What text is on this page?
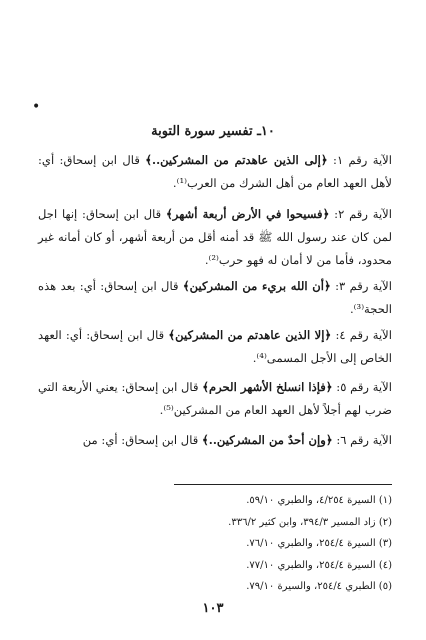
•
١٠ـ تفسير سورة التوبة

الآية رقم ١: ﴿إلى الذين عاهدتم من المشركين..﴾ قال ابن إسحاق: أي: لأهل العهد العام من أهل الشرك من العرب⁽¹⁾.

الآية رقم ٢: ﴿فسيحوا في الأرض أربعة أشهر﴾ قال ابن إسحاق: إنها اجل لمن كان عند رسول الله ﷺ قد أمنه أقل من أربعة أشهر، أو كان أمانه غير محدود، فأما من لا أمان له فهو حرب⁽²⁾.

الآية رقم ٣: ﴿أن الله بريء من المشركين﴾ قال ابن إسحاق: أي: بعد هذه الحجة⁽³⁾.

الآية رقم ٤: ﴿إلا الذين عاهدتم من المشركين﴾ قال ابن إسحاق: أي: العهد الخاص إلى الأجل المسمى⁽⁴⁾.

الآية رقم ٥: ﴿فإذا انسلخ الأشهر الحرم﴾ قال ابن إسحاق: يعني الأربعة التي ضرب لهم أجلاً لأهل العهد العام من المشركين⁽⁵⁾.

الآية رقم ٦: ﴿وإن أحدٌ من المشركين..﴾ قال ابن إسحاق: أي: من

(١) السيرة ٤/٢٥٤، والطبري ٥٩/١٠.
(٢) زاد المسير ٣٩٤/٣، وابن كثير ٣٣٦/٢.
(٣) السيرة ٢٥٤/٤، والطبري ٧٦/١٠.
(٤) السيرة ٢٥٤/٤، والطبري ٧٧/١٠.
(٥) الطبري ٢٥٤/٤، والسيرة ٧٩/١٠.
١٠٣
